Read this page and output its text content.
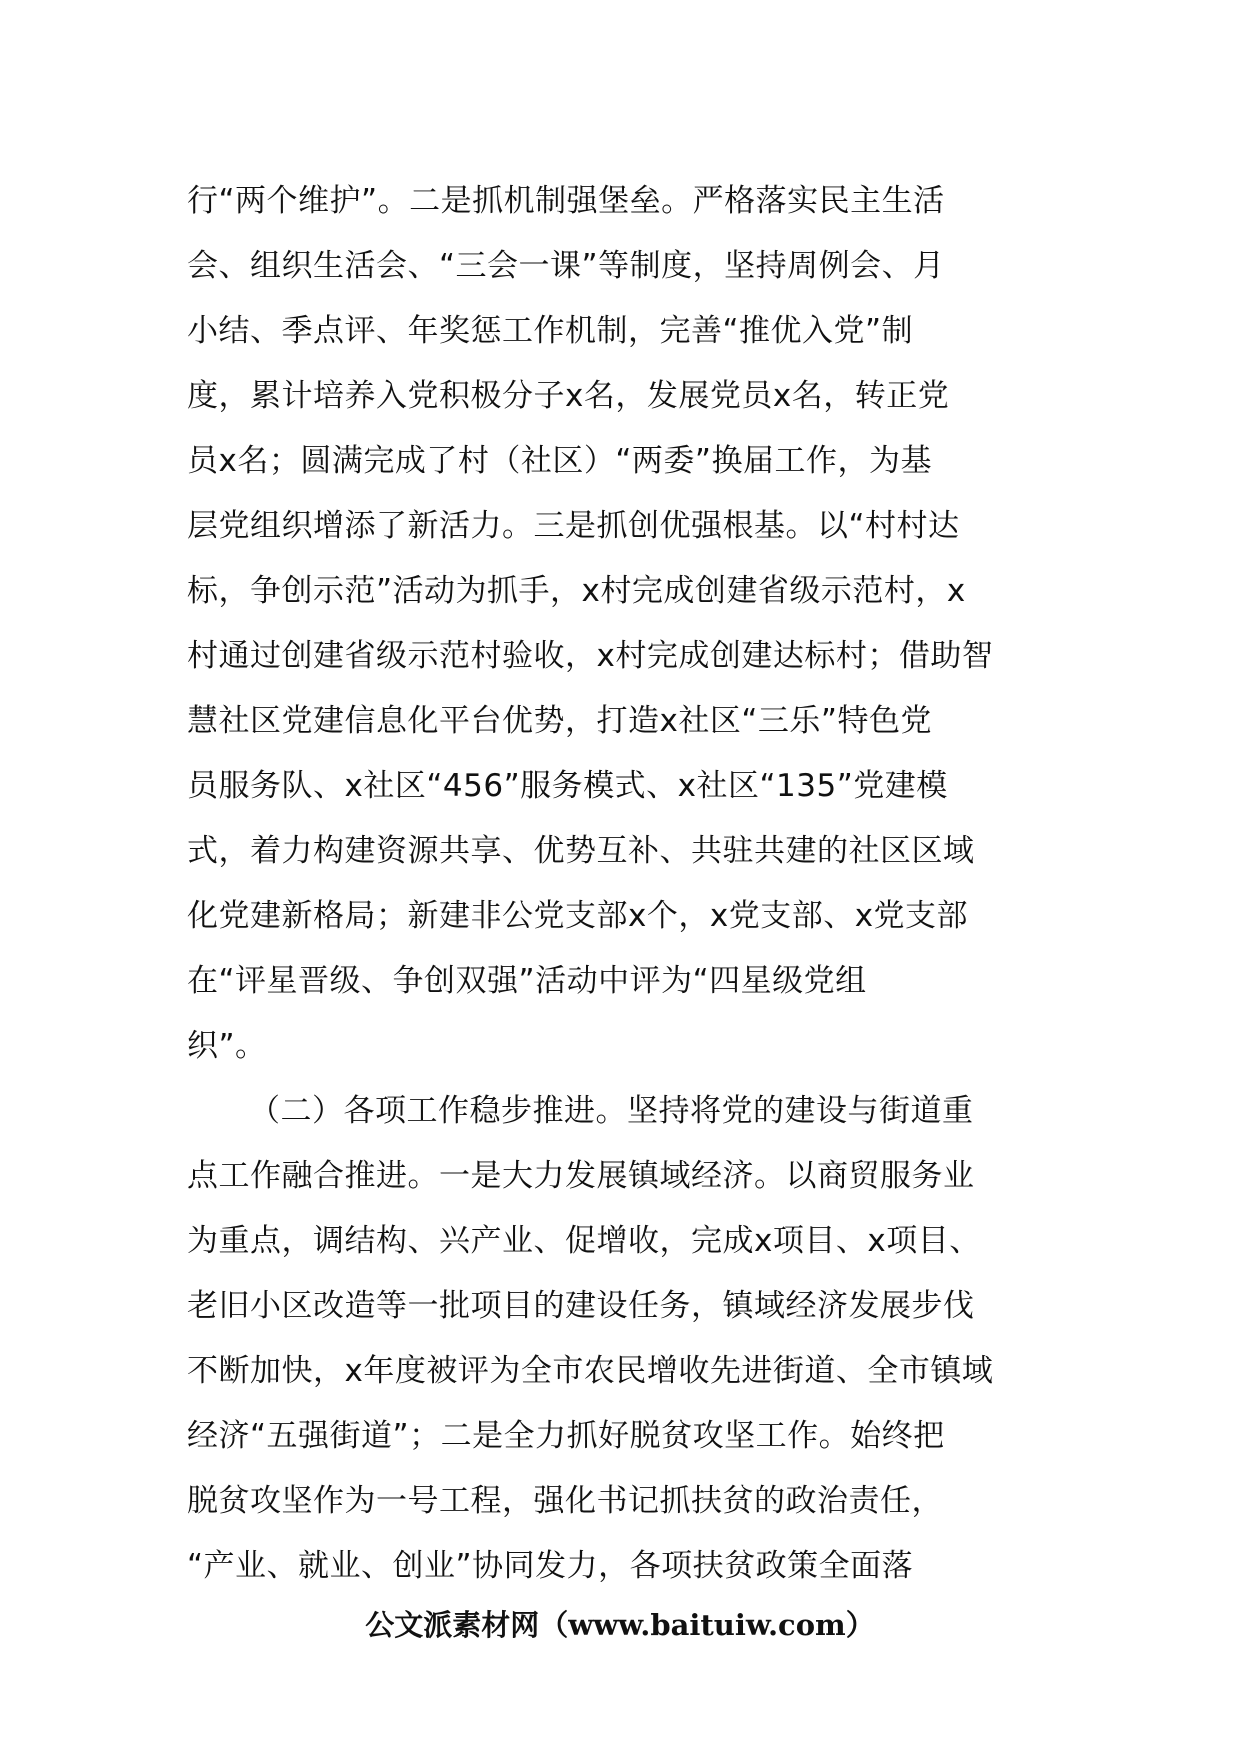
行“两个维护”。二是抓机制强堡垒。严格落实民主生活
会、组织生活会、“三会一课”等制度，坚持周例会、月
小结、季点评、年奖惩工作机制，完善“推优入党”制
度，累计培养入党积极分子x名，发展党员x名，转正党
员x名；圆满完成了村（社区）“两委”换届工作，为基
层党组织增添了新活力。三是抓创优强根基。以“村村达
标，争创示范”活动为抓手，x村完成创建省级示范村，x
村通过创建省级示范村验收，x村完成创建达标村；借助智
慧社区党建信息化平台优势，打造x社区“三乐”特色党
员服务队、x社区“456”服务模式、x社区“135”党建模
式，着力构建资源共享、优势互补、共驻共建的社区区域
化党建新格局；新建非公党支部x个，x党支部、x党支部
在“评星晋级、争创双强”活动中评为“四星级党组
织”。
（二）各项工作稳步推进。坚持将党的建设与街道重
点工作融合推进。一是大力发展镇域经济。以商贸服务业
为重点，调结构、兴产业、促增收，完成x项目、x项目、
老旧小区改造等一批项目的建设任务，镇域经济发展步伐
不断加快，x年度被评为全市农民增收先进街道、全市镇域
经济“五强街道”；二是全力抓好脱贫攻坚工作。始终把
脱贫攻坚作为一号工程，强化书记抓扶贫的政治责任，
“产业、就业、创业”协同发力，各项扶贫政策全面落
公文派素材网（www.baituiw.com）
